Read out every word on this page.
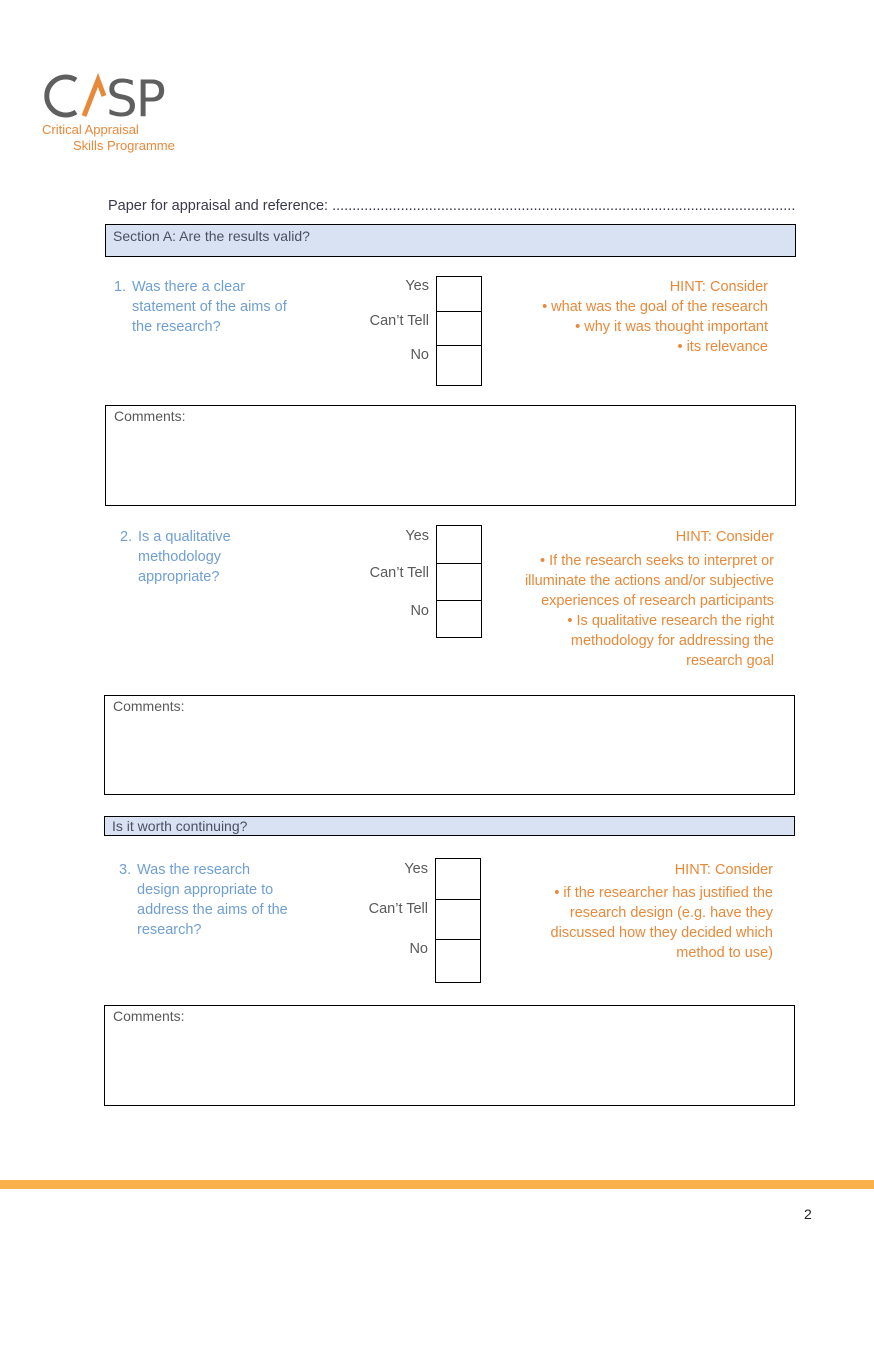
SP
Critical Appraisal
Skills Programme
Paper for appraisal and reference: ...................................................................................................................
Section A: Are the results valid?
1. Was there a clear
statement of the aims of
the research?
Yes
Can’t Tell
No
HINT: Consider
• what was the goal of the research
• why it was thought important
• its relevance
Comments:
2. Is a qualitative
methodology
appropriate?
Yes
Can’t Tell
No
HINT: Consider
• If the research seeks to interpret or
illuminate the actions and/or subjective
experiences of research participants
• Is qualitative research the right
methodology for addressing the
research goal
Comments:
Is it worth continuing?
3. Was the research
design appropriate to
address the aims of the
research?
Yes
Can’t Tell
No
HINT: Consider
• if the researcher has justified the
research design (e.g. have they
discussed how they decided which
method to use)
Comments:
2
